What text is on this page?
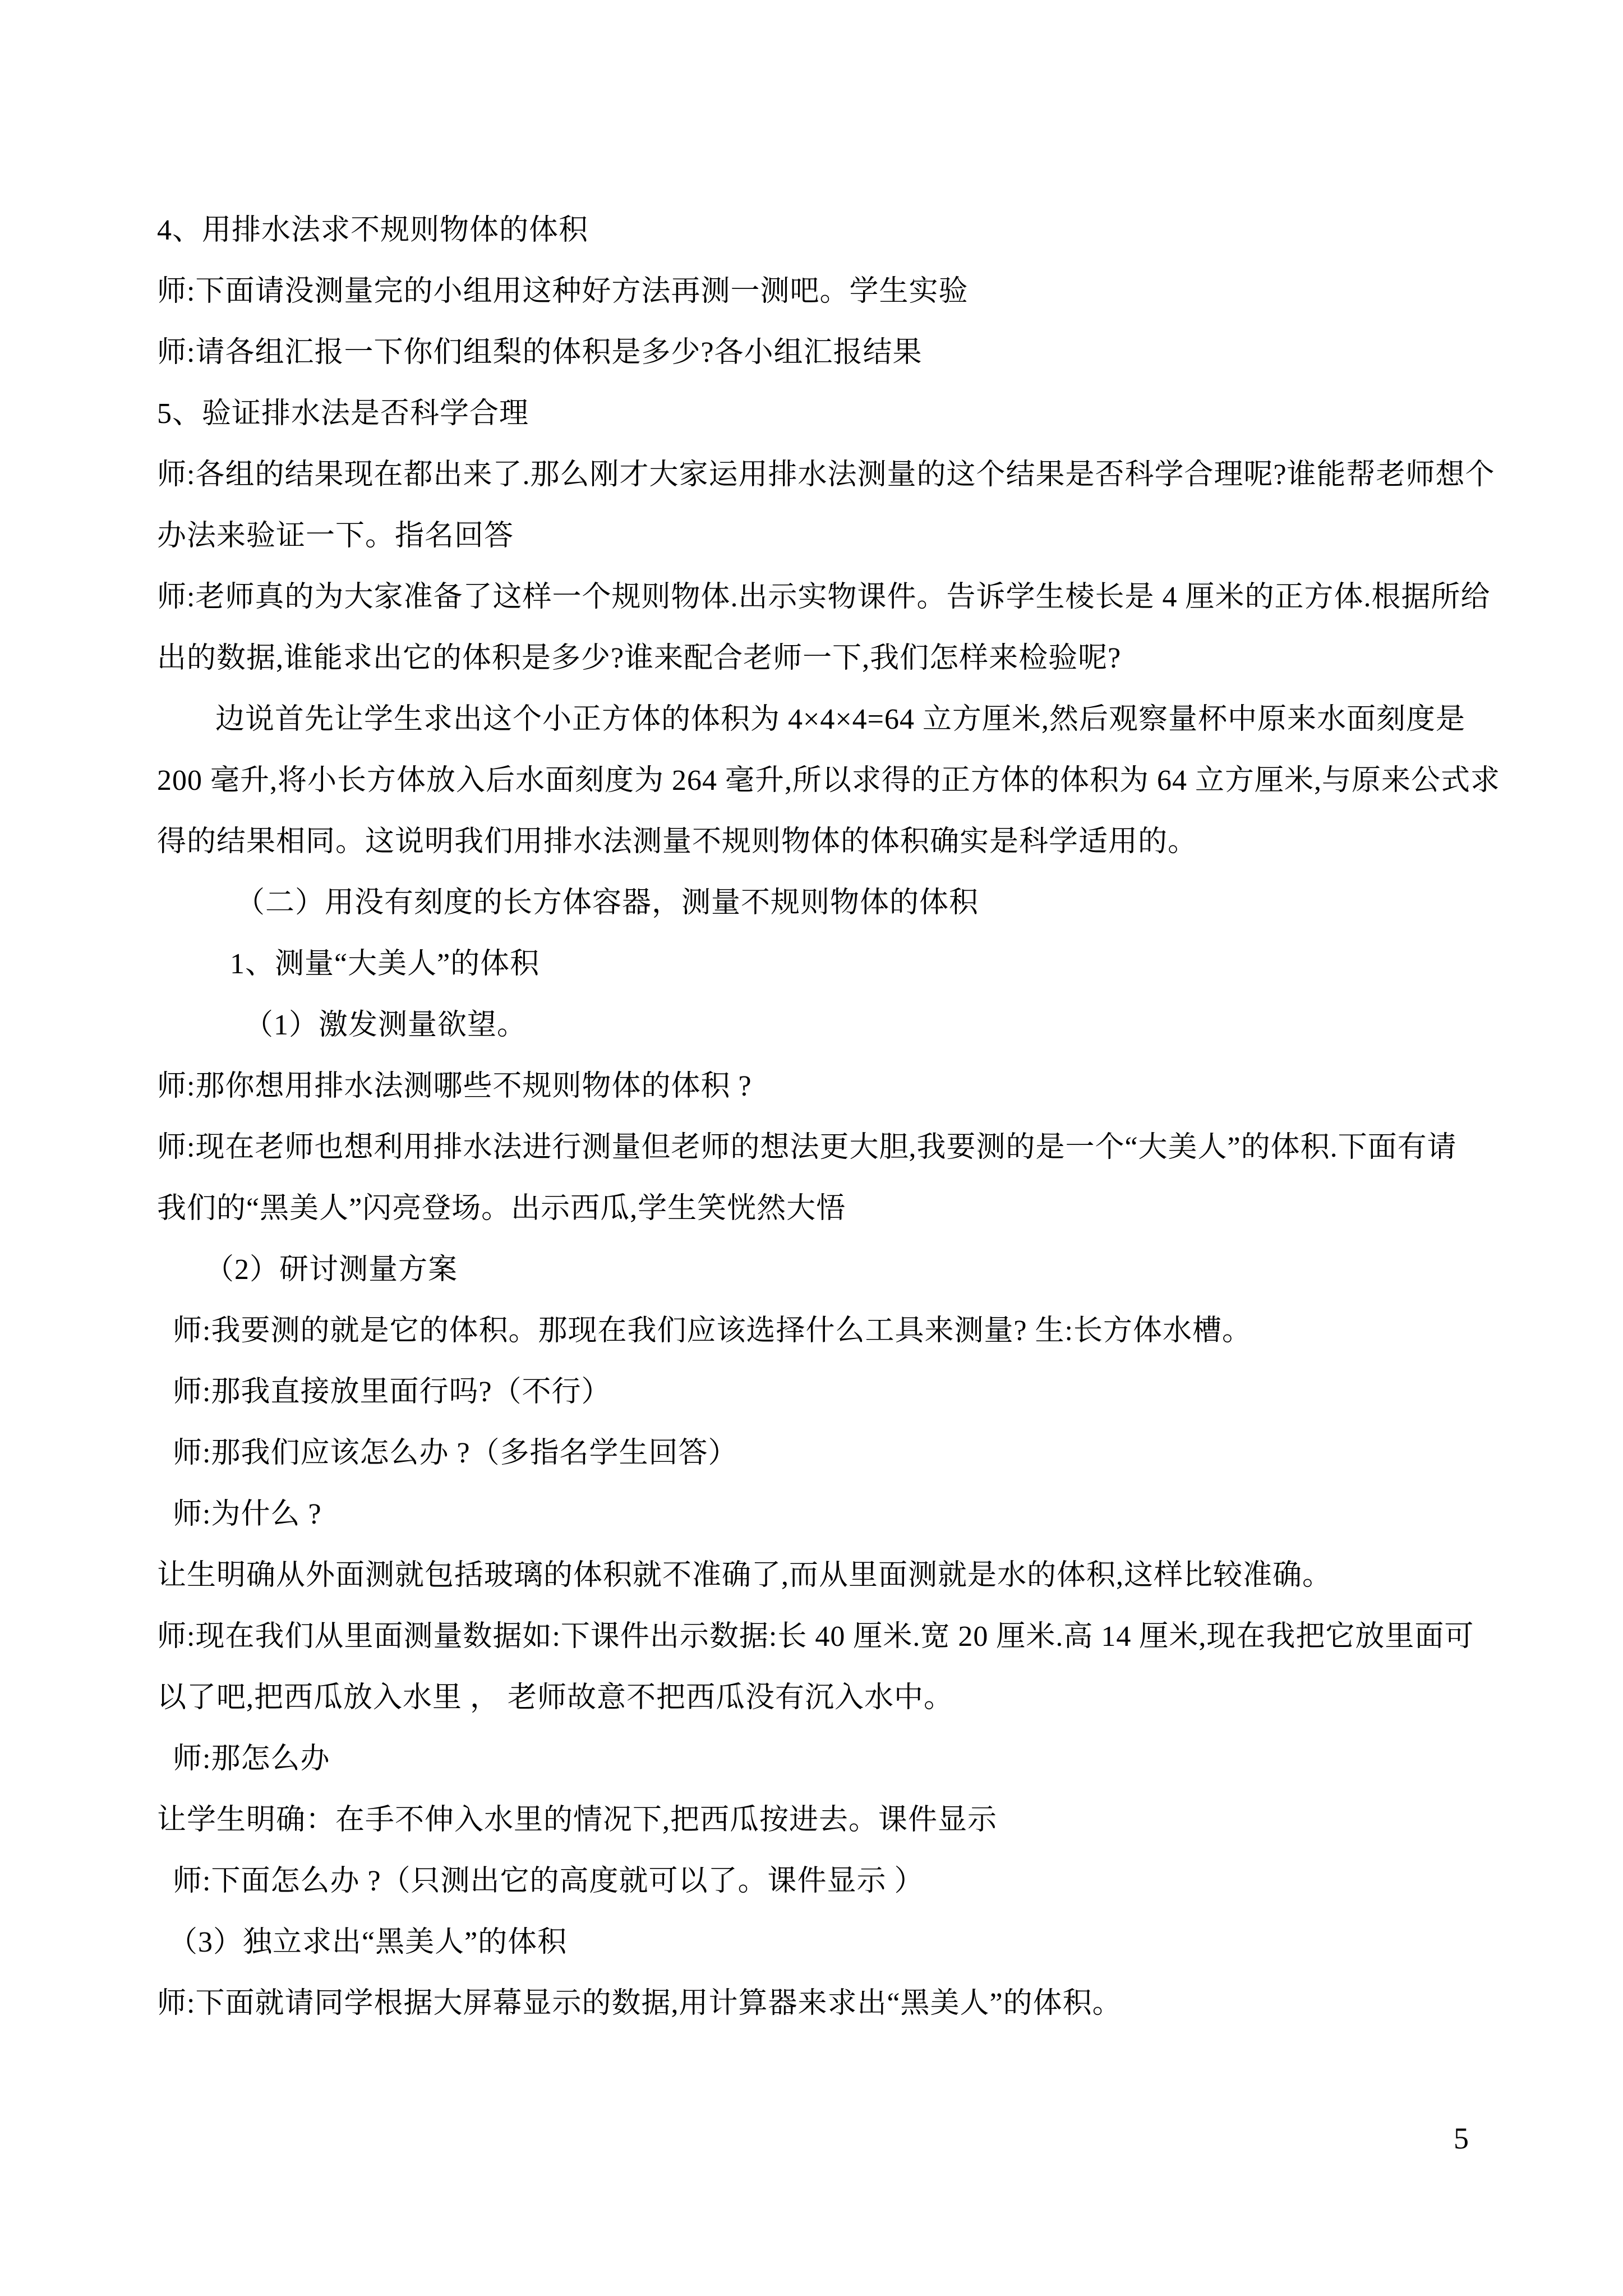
4、用排水法求不规则物体的体积

师:下面请没测量完的小组用这种好方法再测一测吧。学生实验

师:请各组汇报一下你们组梨的体积是多少?各小组汇报结果

5、验证排水法是否科学合理

师:各组的结果现在都出来了.那么刚才大家运用排水法测量的这个结果是否科学合理呢?谁能帮老师想个

办法来验证一下。指名回答

师:老师真的为大家准备了这样一个规则物体.出示实物课件。告诉学生棱长是 4 厘米的正方体.根据所给

出的数据,谁能求出它的体积是多少?谁来配合老师一下,我们怎样来检验呢?

边说首先让学生求出这个小正方体的体积为 4×4×4=64 立方厘米,然后观察量杯中原来水面刻度是

200 毫升,将小长方体放入后水面刻度为 264 毫升,所以求得的正方体的体积为 64 立方厘米,与原来公式求

得的结果相同。这说明我们用排水法测量不规则物体的体积确实是科学适用的。

（二）用没有刻度的长方体容器，测量不规则物体的体积

1、测量“大美人”的体积

（1）激发测量欲望。

师:那你想用排水法测哪些不规则物体的体积 ?

师:现在老师也想利用排水法进行测量但老师的想法更大胆,我要测的是一个“大美人”的体积.下面有请

我们的“黑美人”闪亮登场。出示西瓜,学生笑恍然大悟

（2）研讨测量方案

师:我要测的就是它的体积。那现在我们应该选择什么工具来测量? 生:长方体水槽。

师:那我直接放里面行吗?（不行）

师:那我们应该怎么办 ?（多指名学生回答）

师:为什么 ?

让生明确从外面测就包括玻璃的体积就不准确了,而从里面测就是水的体积,这样比较准确。

师:现在我们从里面测量数据如:下课件出示数据:长 40 厘米.宽 20 厘米.高 14 厘米,现在我把它放里面可

以了吧,把西瓜放入水里 ， 老师故意不把西瓜没有沉入水中。

师:那怎么办

让学生明确：在手不伸入水里的情况下,把西瓜按进去。课件显示

师:下面怎么办 ?（只测出它的高度就可以了。课件显示 ）

（3）独立求出“黑美人”的体积

师:下面就请同学根据大屏幕显示的数据,用计算器来求出“黑美人”的体积。

5
